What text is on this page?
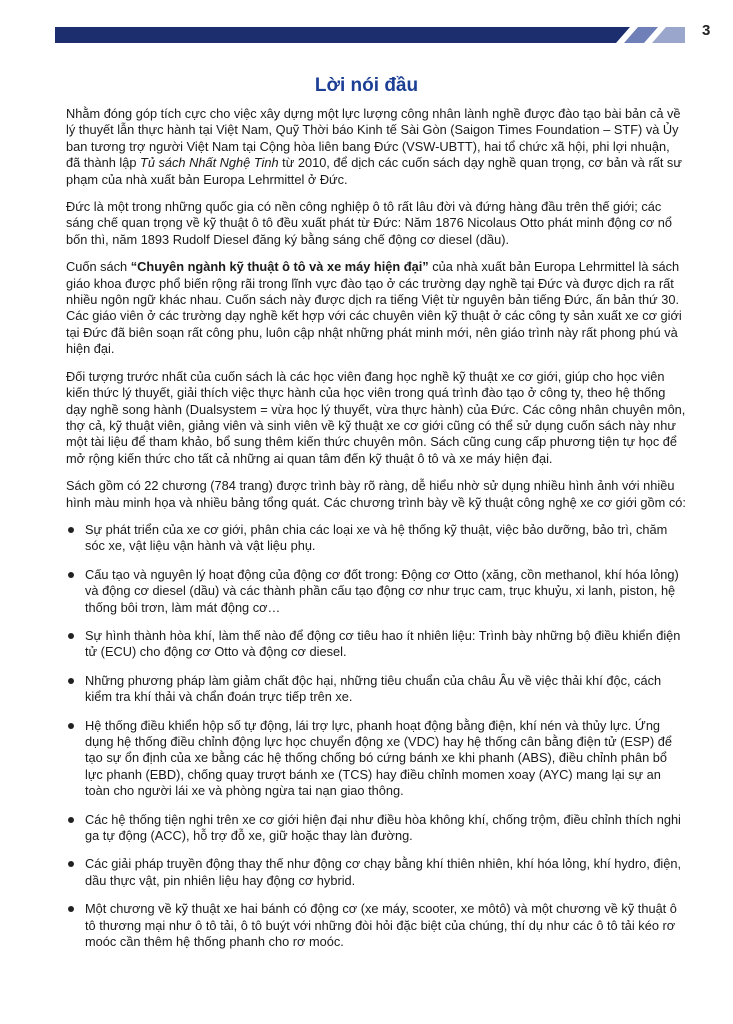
3
Lời nói đầu

Nhằm đóng góp tích cực cho việc xây dựng một lực lượng công nhân lành nghề được đào tạo bài bản cả về lý thuyết lẫn thực hành tại Việt Nam, Quỹ Thời báo Kinh tế Sài Gòn (Saigon Times Foundation – STF) và Ủy ban tương trợ người Việt Nam tại Cộng hòa liên bang Đức (VSW-UBTT), hai tổ chức xã hội, phi lợi nhuận, đã thành lập Tủ sách Nhất Nghệ Tinh từ 2010, để dịch các cuốn sách dạy nghề quan trọng, cơ bản và rất sư phạm của nhà xuất bản Europa Lehrmittel ở Đức.

Đức là một trong những quốc gia có nền công nghiệp ô tô rất lâu đời và đứng hàng đầu trên thế giới; các sáng chế quan trọng về kỹ thuật ô tô đều xuất phát từ Đức: Năm 1876 Nicolaus Otto phát minh động cơ nổ bốn thì, năm 1893 Rudolf Diesel đăng ký bằng sáng chế động cơ diesel (dầu).

Cuốn sách “Chuyên ngành kỹ thuật ô tô và xe máy hiện đại” của nhà xuất bản Europa Lehrmittel là sách giáo khoa được phổ biến rộng rãi trong lĩnh vực đào tạo ở các trường dạy nghề tại Đức và được dịch ra rất nhiều ngôn ngữ khác nhau. Cuốn sách này được dịch ra tiếng Việt từ nguyên bản tiếng Đức, ấn bản thứ 30. Các giáo viên ở các trường dạy nghề kết hợp với các chuyên viên kỹ thuật ở các công ty sản xuất xe cơ giới tại Đức đã biên soạn rất công phu, luôn cập nhật những phát minh mới, nên giáo trình này rất phong phú và hiện đại.

Đối tượng trước nhất của cuốn sách là các học viên đang học nghề kỹ thuật xe cơ giới, giúp cho học viên kiến thức lý thuyết, giải thích việc thực hành của học viên trong quá trình đào tạo ở công ty, theo hệ thống dạy nghề song hành (Dualsystem = vừa học lý thuyết, vừa thực hành) của Đức. Các công nhân chuyên môn, thợ cả, kỹ thuật viên, giảng viên và sinh viên về kỹ thuật xe cơ giới cũng có thể sử dụng cuốn sách này như một tài liệu để tham khảo, bổ sung thêm kiến thức chuyên môn. Sách cũng cung cấp phương tiện tự học để mở rộng kiến thức cho tất cả những ai quan tâm đến kỹ thuật ô tô và xe máy hiện đại.

Sách gồm có 22 chương (784 trang) được trình bày rõ ràng, dễ hiểu nhờ sử dụng nhiều hình ảnh với nhiều hình màu minh họa và nhiều bảng tổng quát. Các chương trình bày về kỹ thuật công nghệ xe cơ giới gồm có:

Sự phát triển của xe cơ giới, phân chia các loại xe và hệ thống kỹ thuật, việc bảo dưỡng, bảo trì, chăm sóc xe, vật liệu vận hành và vật liệu phụ.
Cấu tạo và nguyên lý hoạt động của động cơ đốt trong: Động cơ Otto (xăng, cồn methanol, khí hóa lỏng) và động cơ diesel (dầu) và các thành phần cấu tạo động cơ như trục cam, trục khuỷu, xi lanh, piston, hệ thống bôi trơn, làm mát động cơ…
Sự hình thành hòa khí, làm thế nào để động cơ tiêu hao ít nhiên liệu: Trình bày những bộ điều khiển điện tử (ECU) cho động cơ Otto và động cơ diesel.
Những phương pháp làm giảm chất độc hại, những tiêu chuẩn của châu Âu về việc thải khí độc, cách kiểm tra khí thải và chẩn đoán trực tiếp trên xe.
Hệ thống điều khiển hộp số tự động, lái trợ lực, phanh hoạt động bằng điện, khí nén và thủy lực. Ứng dụng hệ thống điều chỉnh động lực học chuyển động xe (VDC) hay hệ thống cân bằng điện tử (ESP) để tạo sự ổn định của xe bằng các hệ thống chống bó cứng bánh xe khi phanh (ABS), điều chỉnh phân bổ lực phanh (EBD), chống quay trượt bánh xe (TCS) hay điều chỉnh momen xoay (AYC) mang lại sự an toàn cho người lái xe và phòng ngừa tai nạn giao thông.
Các hệ thống tiện nghi trên xe cơ giới hiện đại như điều hòa không khí, chống trộm, điều chỉnh thích nghi ga tự động (ACC), hỗ trợ đỗ xe, giữ hoặc thay làn đường.
Các giải pháp truyền động thay thế như động cơ chạy bằng khí thiên nhiên, khí hóa lỏng, khí hydro, điện, dầu thực vật, pin nhiên liệu hay động cơ hybrid.
Một chương về kỹ thuật xe hai bánh có động cơ (xe máy, scooter, xe môtô) và một chương về kỹ thuật ô tô thương mại như ô tô tải, ô tô buýt với những đòi hỏi đặc biệt của chúng, thí dụ như các ô tô tải kéo rơ moóc cần thêm hệ thống phanh cho rơ moóc.
